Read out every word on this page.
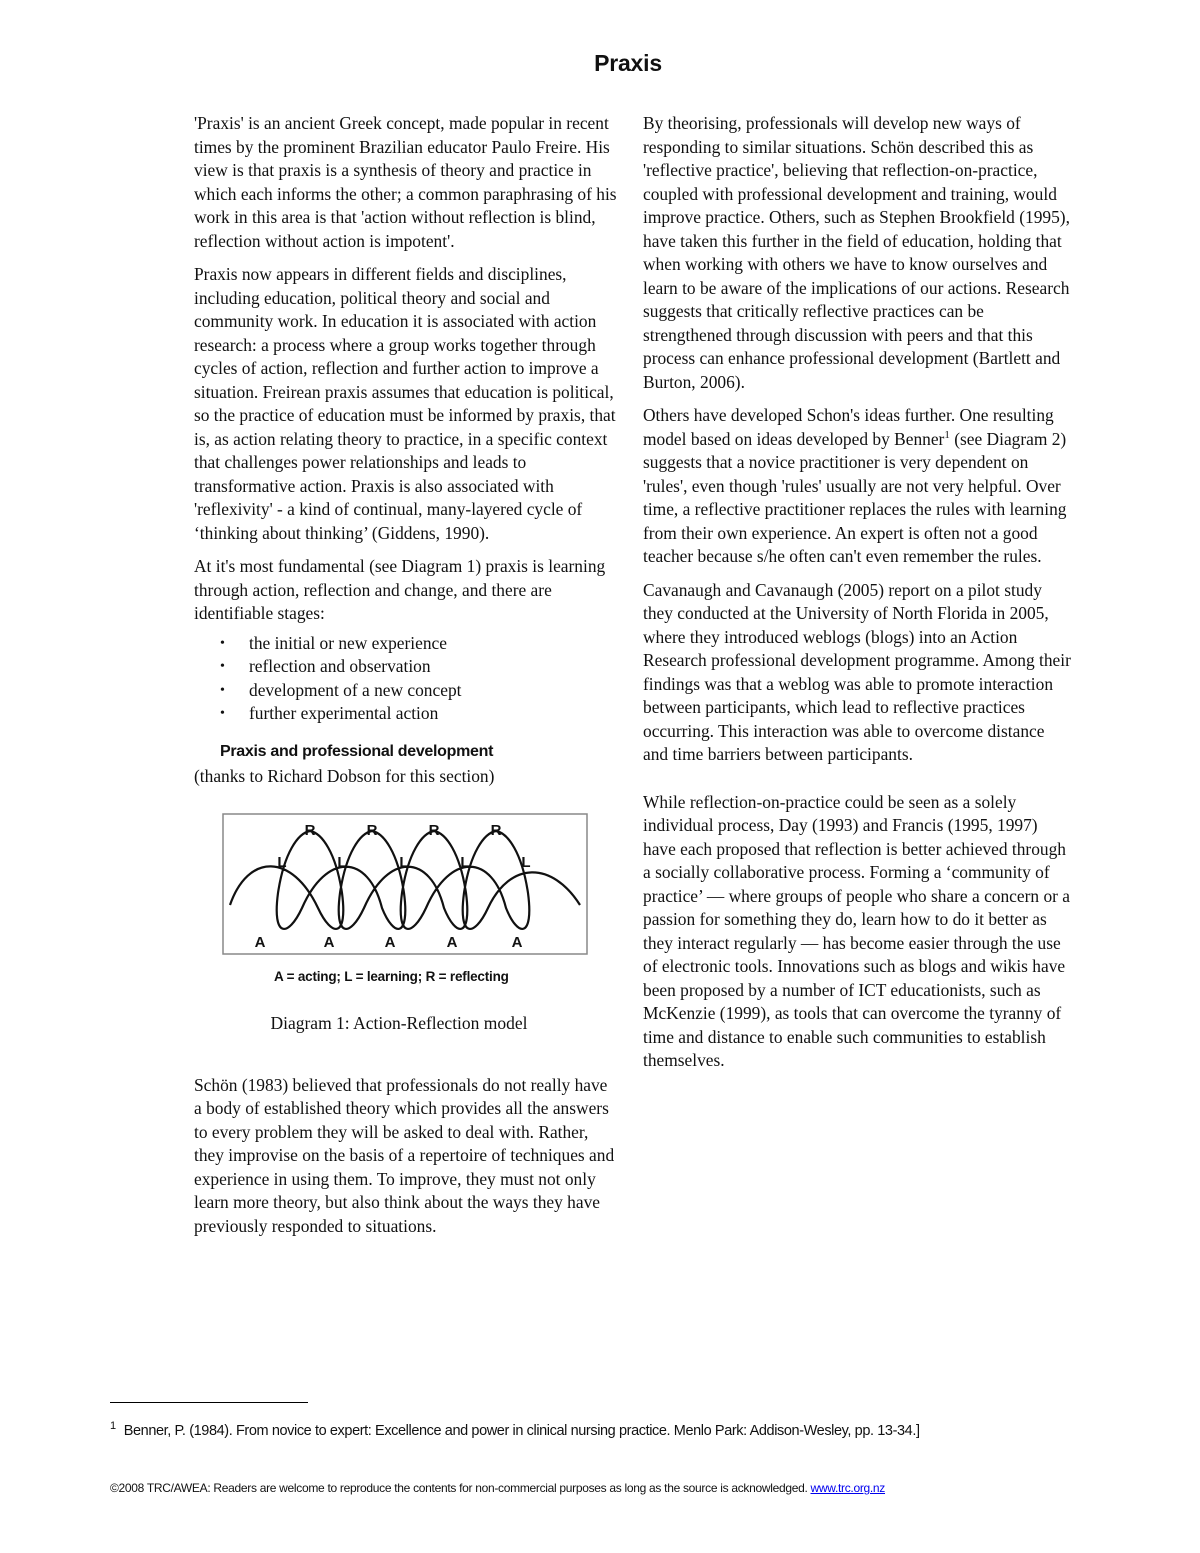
Praxis

'Praxis' is an ancient Greek concept, made popular in recent times by the prominent Brazilian educator Paulo Freire. His view is that praxis is a synthesis of theory and practice in which each informs the other; a common paraphrasing of his work in this area is that 'action without reflection is blind, reflection without action is impotent'.

Praxis now appears in different fields and disciplines, including education, political theory and social and community work. In education it is associated with action research: a process where a group works together through cycles of action, reflection and further action to improve a situation. Freirean praxis assumes that education is political, so the practice of education must be informed by praxis, that is, as action relating theory to practice, in a specific context that challenges power relationships and leads to transformative action. Praxis is also associated with 'reflexivity' - a kind of continual, many-layered cycle of ‘thinking about thinking’ (Giddens, 1990).

At it's most fundamental (see Diagram 1) praxis is learning through action, reflection and change, and there are identifiable stages:

• the initial or new experience
• reflection and observation
• development of a new concept
• further experimental action
Praxis and professional development
(thanks to Richard Dobson for this section)
R	R	R	R
L	L	L	L	L
A	A	A	A	A
A = acting; L = learning; R = reflecting
Diagram 1: Action-Reflection model

Schön (1983) believed that professionals do not really have a body of established theory which provides all the answers to every problem they will be asked to deal with. Rather, they improvise on the basis of a repertoire of techniques and experience in using them. To improve, they must not only learn more theory, but also think about the ways they have previously responded to situations.

By theorising, professionals will develop new ways of responding to similar situations. Schön described this as 'reflective practice', believing that reflection-on-practice, coupled with professional development and training, would improve practice. Others, such as Stephen Brookfield (1995), have taken this further in the field of education, holding that when working with others we have to know ourselves and learn to be aware of the implications of our actions. Research suggests that critically reflective practices can be strengthened through discussion with peers and that this process can enhance professional development (Bartlett and Burton, 2006).

Others have developed Schon's ideas further. One resulting model based on ideas developed by Benner$^1$ (see Diagram 2) suggests that a novice practitioner is very dependent on 'rules', even though 'rules' usually are not very helpful. Over time, a reflective practitioner replaces the rules with learning from their own experience. An expert is often not a good teacher because s/he often can't even remember the rules.

Cavanaugh and Cavanaugh (2005) report on a pilot study they conducted at the University of North Florida in 2005, where they introduced weblogs (blogs) into an Action Research professional development programme. Among their findings was that a weblog was able to promote interaction between participants, which lead to reflective practices occurring. This interaction was able to overcome distance and time barriers between participants.

While reflection-on-practice could be seen as a solely individual process, Day (1993) and Francis (1995, 1997) have each proposed that reflection is better achieved through a socially collaborative process. Forming a ‘community of practice’ — where groups of people who share a concern or a passion for something they do, learn how to do it better as they interact regularly — has become easier through the use of electronic tools. Innovations such as blogs and wikis have been proposed by a number of ICT educationists, such as McKenzie (1999), as tools that can overcome the tyranny of time and distance to enable such communities to establish themselves.

$^1$ Benner, P. (1984). From novice to expert: Excellence and power in clinical nursing practice. Menlo Park: Addison-Wesley, pp. 13-34.]
©2008 TRC/AWEA: Readers are welcome to reproduce the contents for non-commercial purposes as long as the source is acknowledged. www.trc.org.nz
